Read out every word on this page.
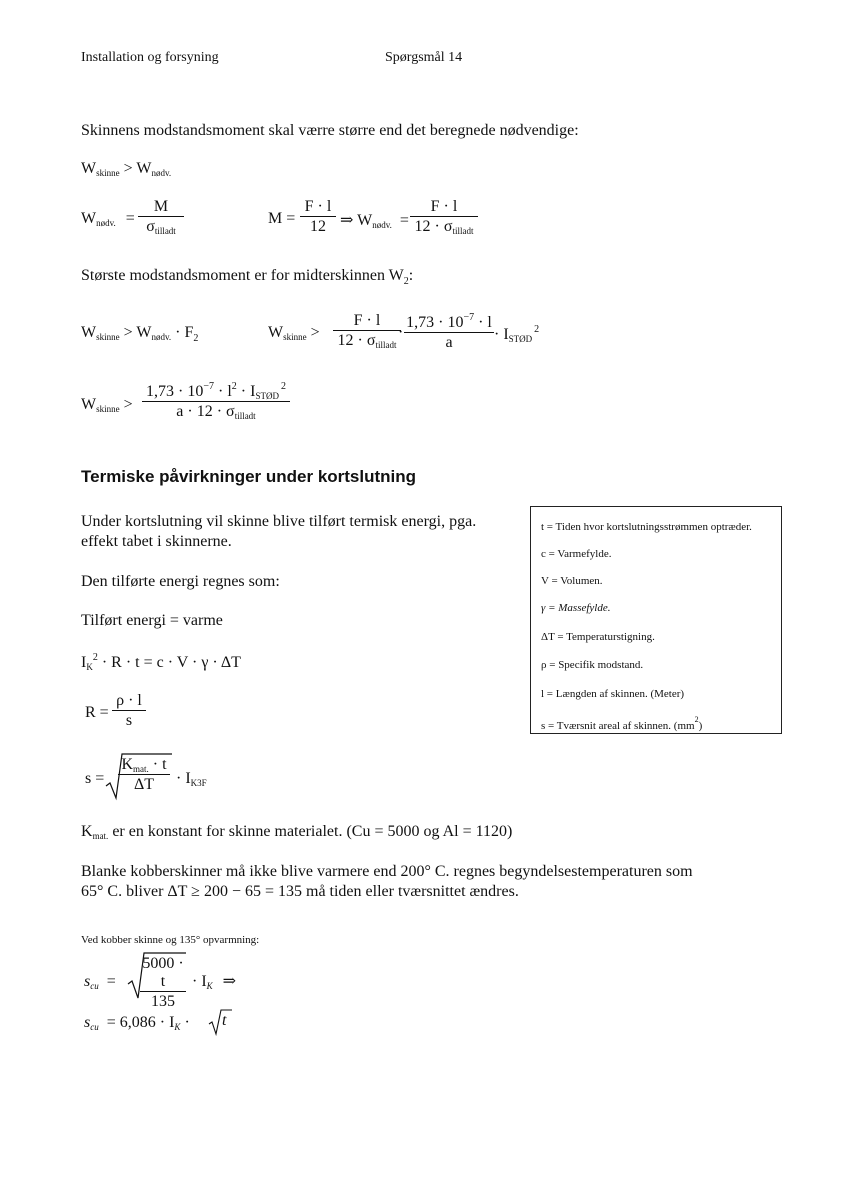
Installation og forsyning	Spørgsmål 14
Skinnens modstandsmoment skal værre større end det beregnede nødvendige:
$W_{skinne} > W_{nødv.}$
$W_{nødv.}$ =
M
$\sigma_{tilladt}$
$M = \frac{F \cdot l}{12}$ ⇒ $W_{nødv.}$ =
F · l
$12 \cdot \sigma_{tilladt}$
Største modstandsmoment er for midterskinnen $W_2$:
$W_{skinne} > W_{nødv.} \cdot F_2$	$W_{skinne}$ >
F · l
$12 \cdot \sigma_{tilladt}$
· $\frac{1,73 \cdot 10^{-7} \cdot l}{a} \cdot I_{STØD}^2$
$W_{skinne}$ >
$1,73 \cdot 10^{-7} \cdot l^2 \cdot I_{STØD}^2$
$a \cdot 12 \cdot \sigma_{tilladt}$
Termiske påvirkninger under kortslutning
Under kortslutning vil skinne blive tilført termisk energi, pga.
effekt tabet i skinnerne.
Den tilførte energi regnes som:
Tilført energi = varme
$I_K^2 \cdot R \cdot t = c \cdot V \cdot \gamma \cdot \Delta T$
$R = \frac{\rho \cdot l}{s}$
s =
$K_{mat.} \cdot t$
ΔT	· $I_{K3F}$
t = Tiden hvor kortslutningsstrømmen optræder.
c = Varmefylde.
V = Volumen.
γ = Massefylde.
ΔT = Temperaturstigning.
ρ = Specifik modstand.
l = Længden af skinnen. (Meter)
s = Tværsnit areal af skinnen. $(mm^2)$
$K_{mat.}$ er en konstant for skinne materialet. (Cu = 5000 og Al = 1120)
Blanke kobberskinner må ikke blive varmere end 200° C. regnes begyndelsestemperaturen som
65° C. bliver ΔT ≥ 200 − 65 = 135 må tiden eller tværsnittet ændres.
Ved kobber skinne og 135° opvarmning:
$s_{cu} = \frac{5000 \cdot t}{135} \cdot I_K$ ⇒
$s_{cu} = 6,086 \cdot I_K \cdot t$
